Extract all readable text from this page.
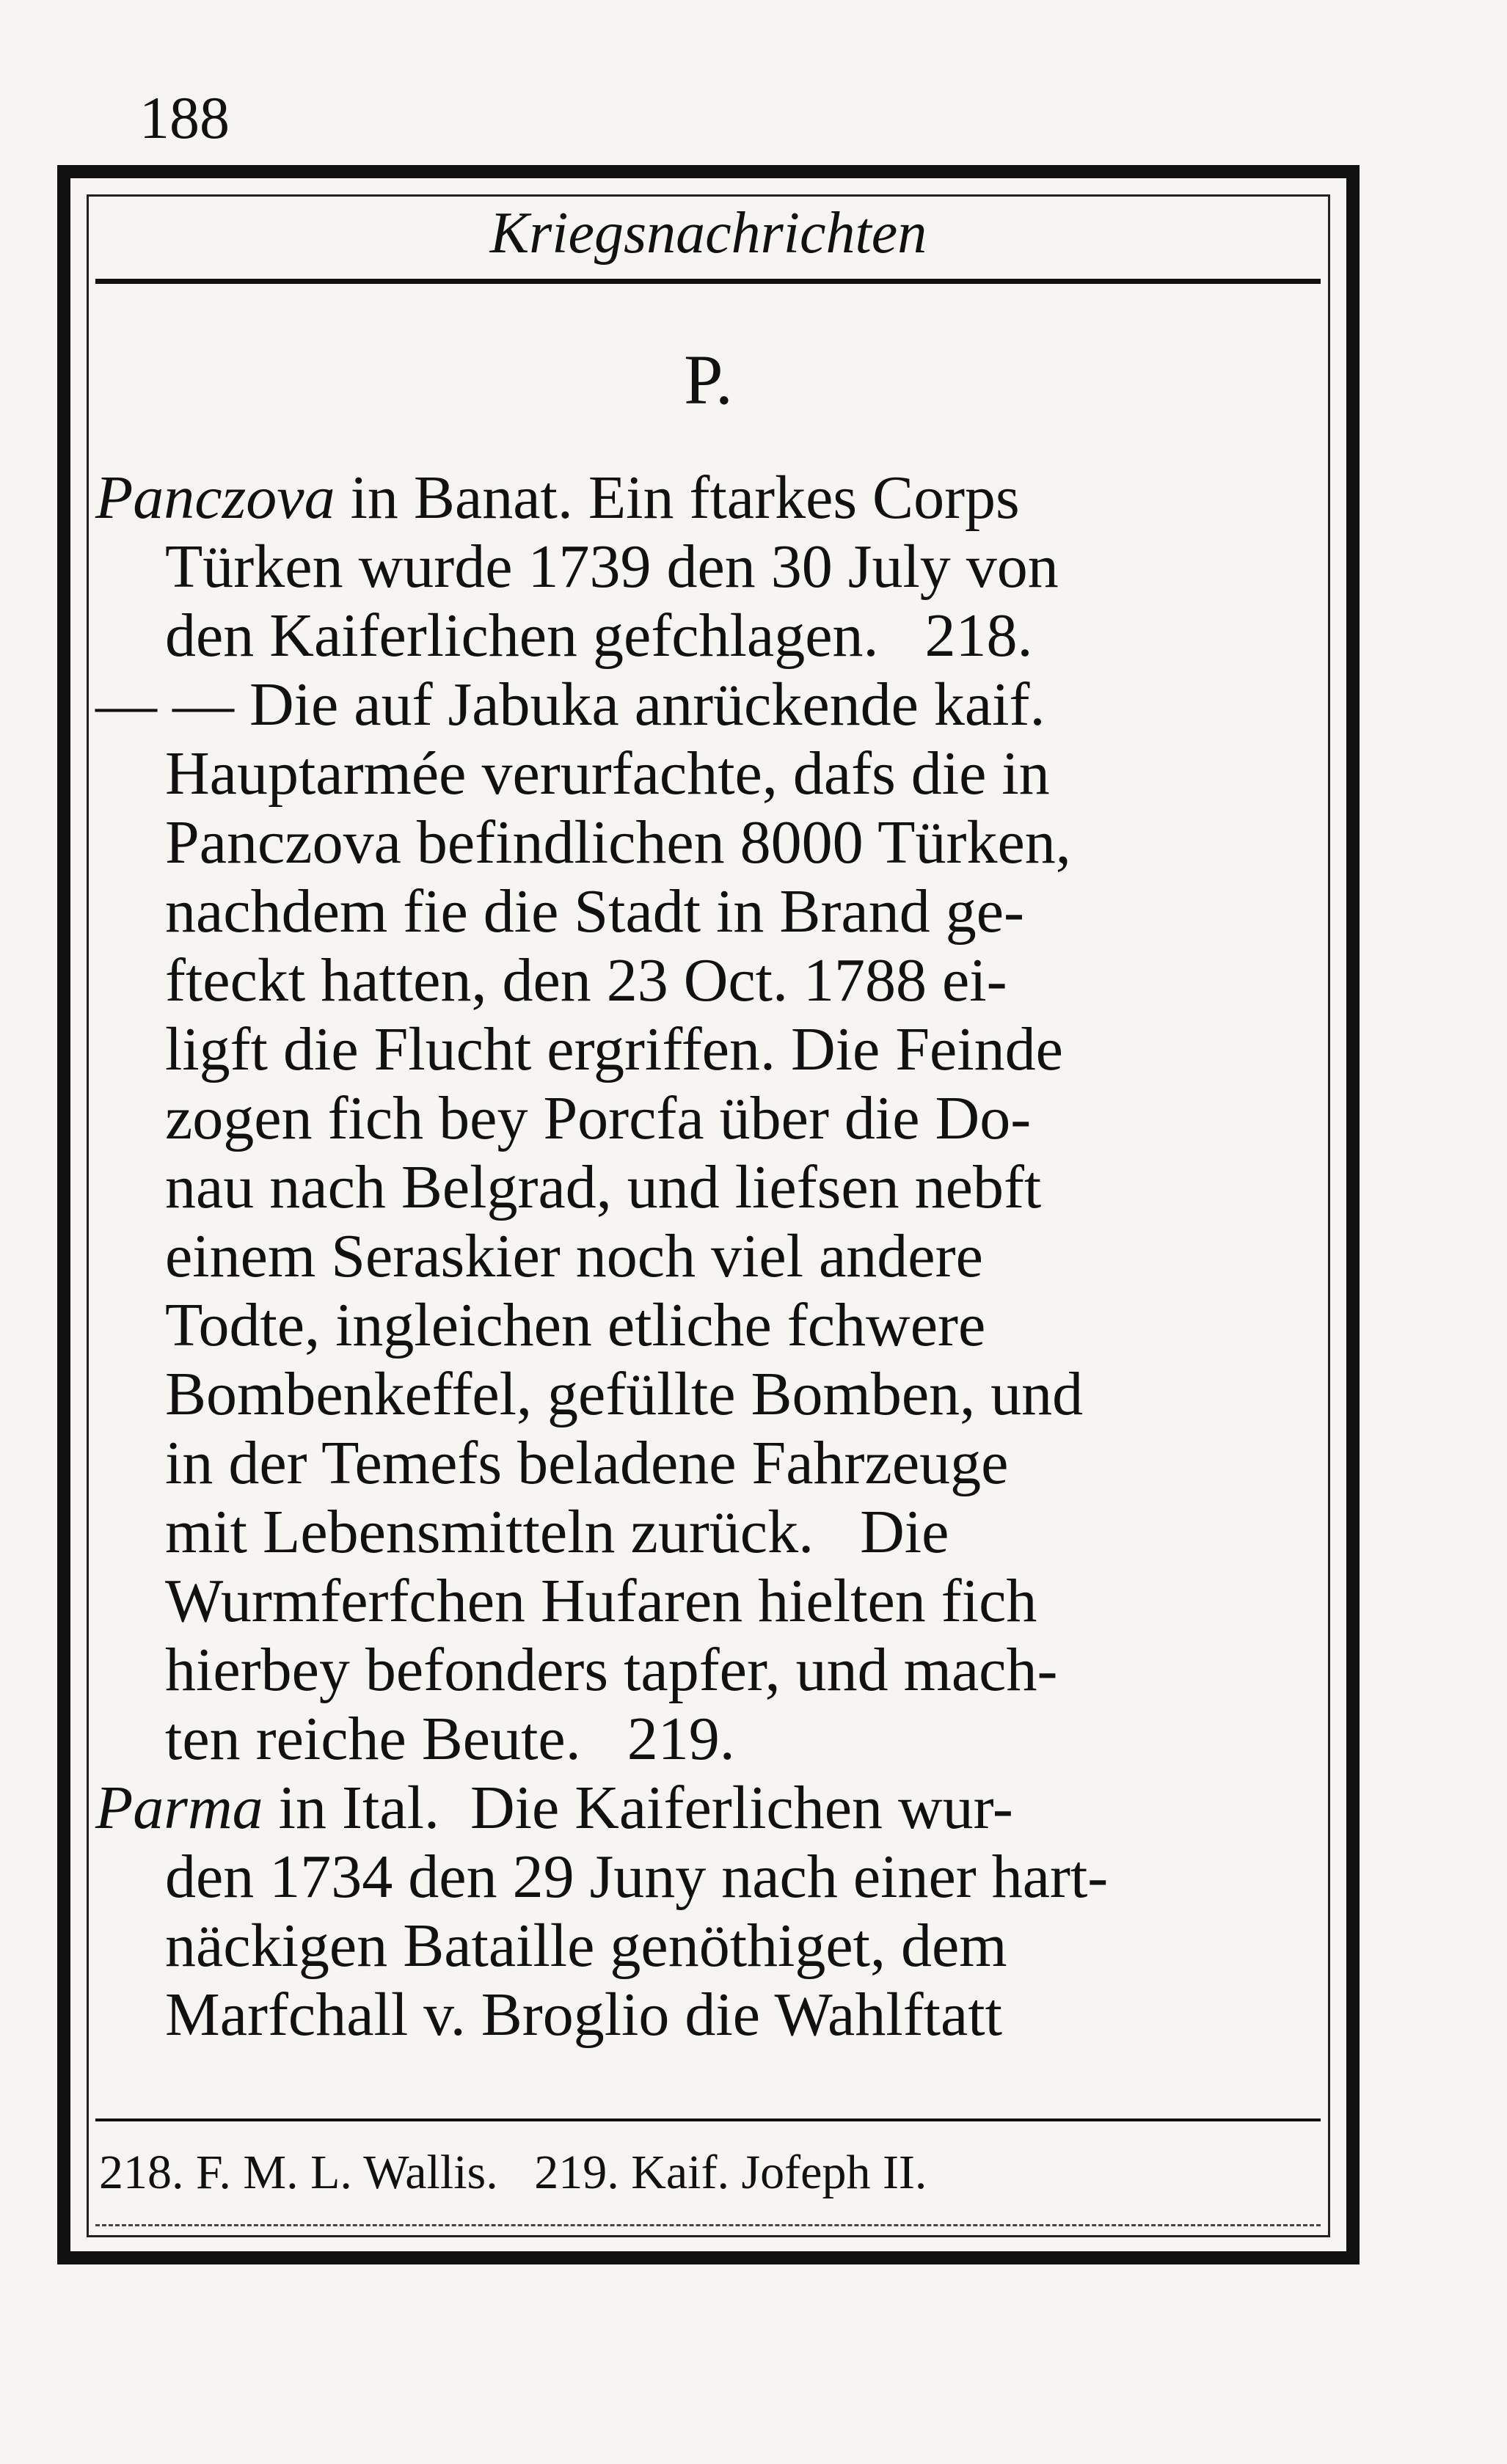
188
Kriegsnachrichten
P.
Panczova in Banat. Ein ftarkes Corps
Türken wurde 1739 den 30 July von
den Kaiferlichen gefchlagen.   218.
— — Die auf Jabuka anrückende kaif.
Hauptarmée verurfachte, dafs die in
Panczova befindlichen 8000 Türken,
nachdem fie die Stadt in Brand ge-
fteckt hatten, den 23 Oct. 1788 ei-
ligft die Flucht ergriffen. Die Feinde
zogen fich bey Porcfa über die Do-
nau nach Belgrad, und liefsen nebft
einem Seraskier noch viel andere
Todte, ingleichen etliche fchwere
Bombenkeffel, gefüllte Bomben, und
in der Temefs beladene Fahrzeuge
mit Lebensmitteln zurück.   Die
Wurmferfchen Hufaren hielten fich
hierbey befonders tapfer, und mach-
ten reiche Beute.   219.
Parma in Ital.  Die Kaiferlichen wur-
den 1734 den 29 Juny nach einer hart-
näckigen Bataille genöthiget, dem
Marfchall v. Broglio die Wahlftatt
218. F. M. L. Wallis.   219. Kaif. Jofeph II.
